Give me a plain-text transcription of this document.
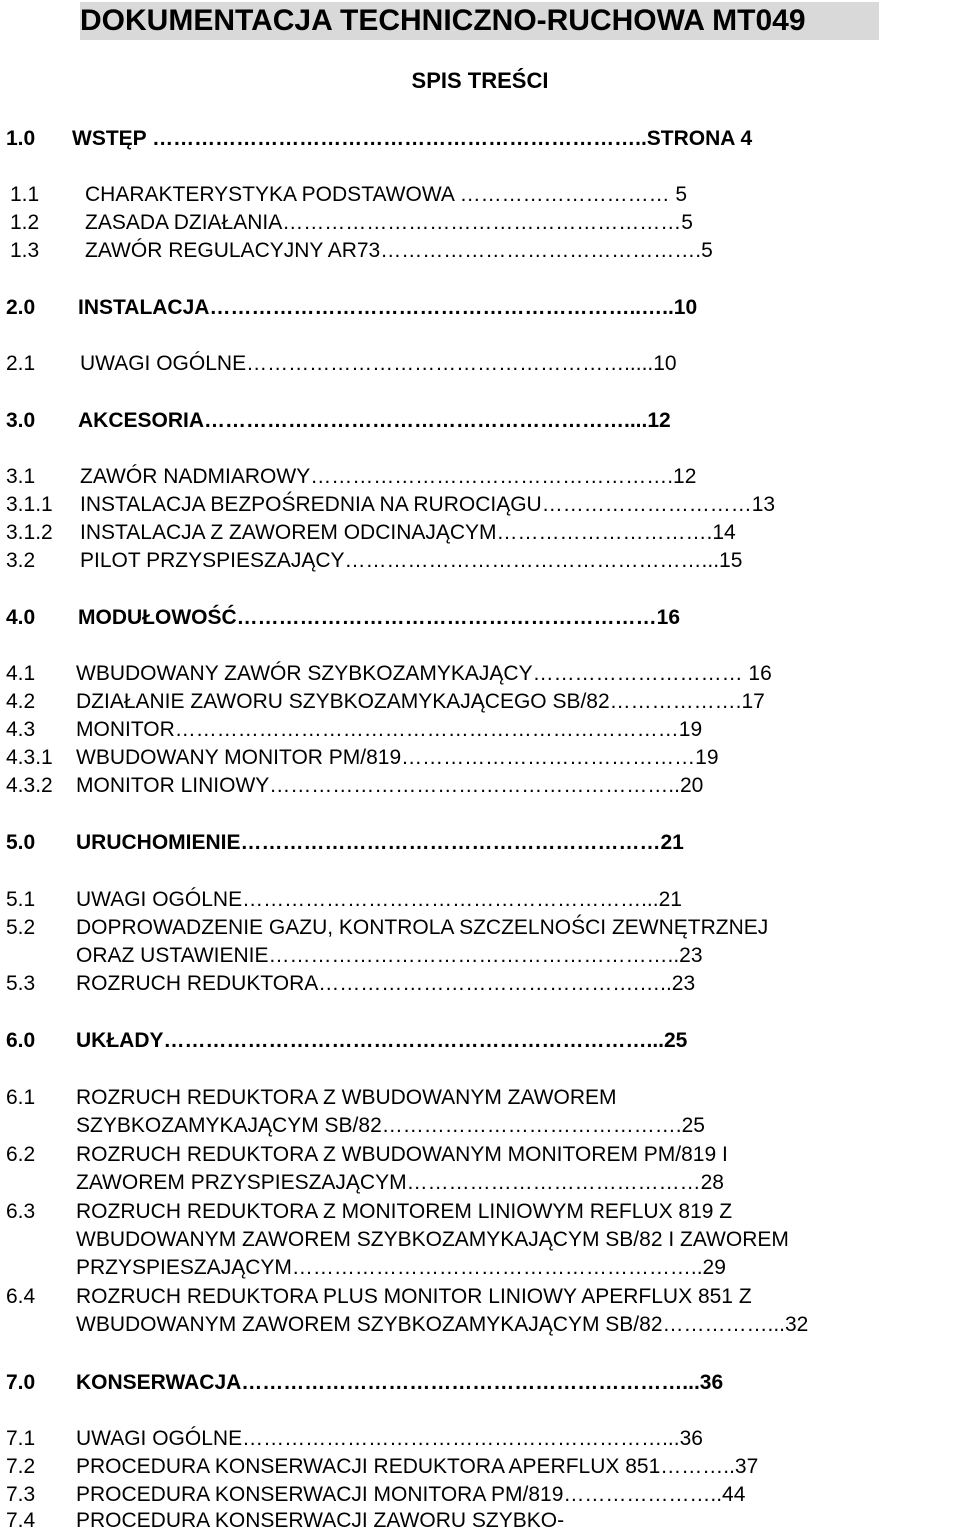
DOKUMENTACJA TECHNICZNO-RUCHOWA MT049
SPIS TREŚCI
1.0 WSTĘP ……………………………………………………………..STRONA 4
1.1 CHARAKTERYSTYKA PODSTAWOWA ………………………… 5
1.2 ZASADA DZIAŁANIA…………………………………………………5
1.3 ZAWÓR REGULACYJNY AR73……………………………………….5
2.0 INSTALACJA……………………………………………………..…..10
2.1 UWAGI OGÓLNE……………………………………………….....10
3.0 AKCESORIA……………………………………………………....12
3.1 ZAWÓR NADMIAROWY…………………………………………….12
3.1.1 INSTALACJA BEZPOŚREDNIA NA RUROCIĄGU…………………………13
3.1.2 INSTALACJA Z ZAWOREM ODCINAJĄCYM………………………….14
3.2 PILOT PRZYSPIESZAJĄCY……………………………………………...15
4.0 MODUŁOWOŚĆ……………………………………………………16
4.1 WBUDOWANY ZAWÓR SZYBKOZAMYKAJĄCY………………………… 16
4.2 DZIAŁANIE ZAWORU SZYBKOZAMYKAJĄCEGO SB/82……………….17
4.3 MONITOR………………………………………………………………19
4.3.1 WBUDOWANY MONITOR PM/819……………………………………19
4.3.2 MONITOR LINIOWY…………………………………………………..20
5.0 URUCHOMIENIE……………………………………………………21
5.1 UWAGI OGÓLNE…………………………………………………...21
5.2 DOPROWADZENIE GAZU, KONTROLA SZCZELNOŚCI ZEWNĘTRZNEJ
ORAZ USTAWIENIE…………………………………………………..23
5.3 ROZRUCH REDUKTORA……………………………………….…..23
6.0 UKŁADY……………………………………………………………...25
6.1 ROZRUCH REDUKTORA Z WBUDOWANYM ZAWOREM
SZYBKOZAMYKAJĄCYM SB/82…………………………………….25
6.2 ROZRUCH REDUKTORA Z WBUDOWANYM MONITOREM PM/819 I
ZAWOREM PRZYSPIESZAJĄCYM……………………………………28
6.3 ROZRUCH REDUKTORA Z MONITOREM LINIOWYM REFLUX 819 Z
WBUDOWANYM ZAWOREM SZYBKOZAMYKAJĄCYM SB/82 I ZAWOREM
PRZYSPIESZAJĄCYM…………………………………………………..29
6.4 ROZRUCH REDUKTORA PLUS MONITOR LINIOWY APERFLUX 851 Z
WBUDOWANYM ZAWOREM SZYBKOZAMYKAJĄCYM SB/82……………...32
7.0 KONSERWACJA………………………………………………………...36
7.1 UWAGI OGÓLNE……………………………………………………...36
7.2 PROCEDURA KONSERWACJI REDUKTORA APERFLUX 851………..37
7.3 PROCEDURA KONSERWACJI MONITORA PM/819…………………..44
7.4 PROCEDURA KONSERWACJI ZAWORU SZYBKO-
